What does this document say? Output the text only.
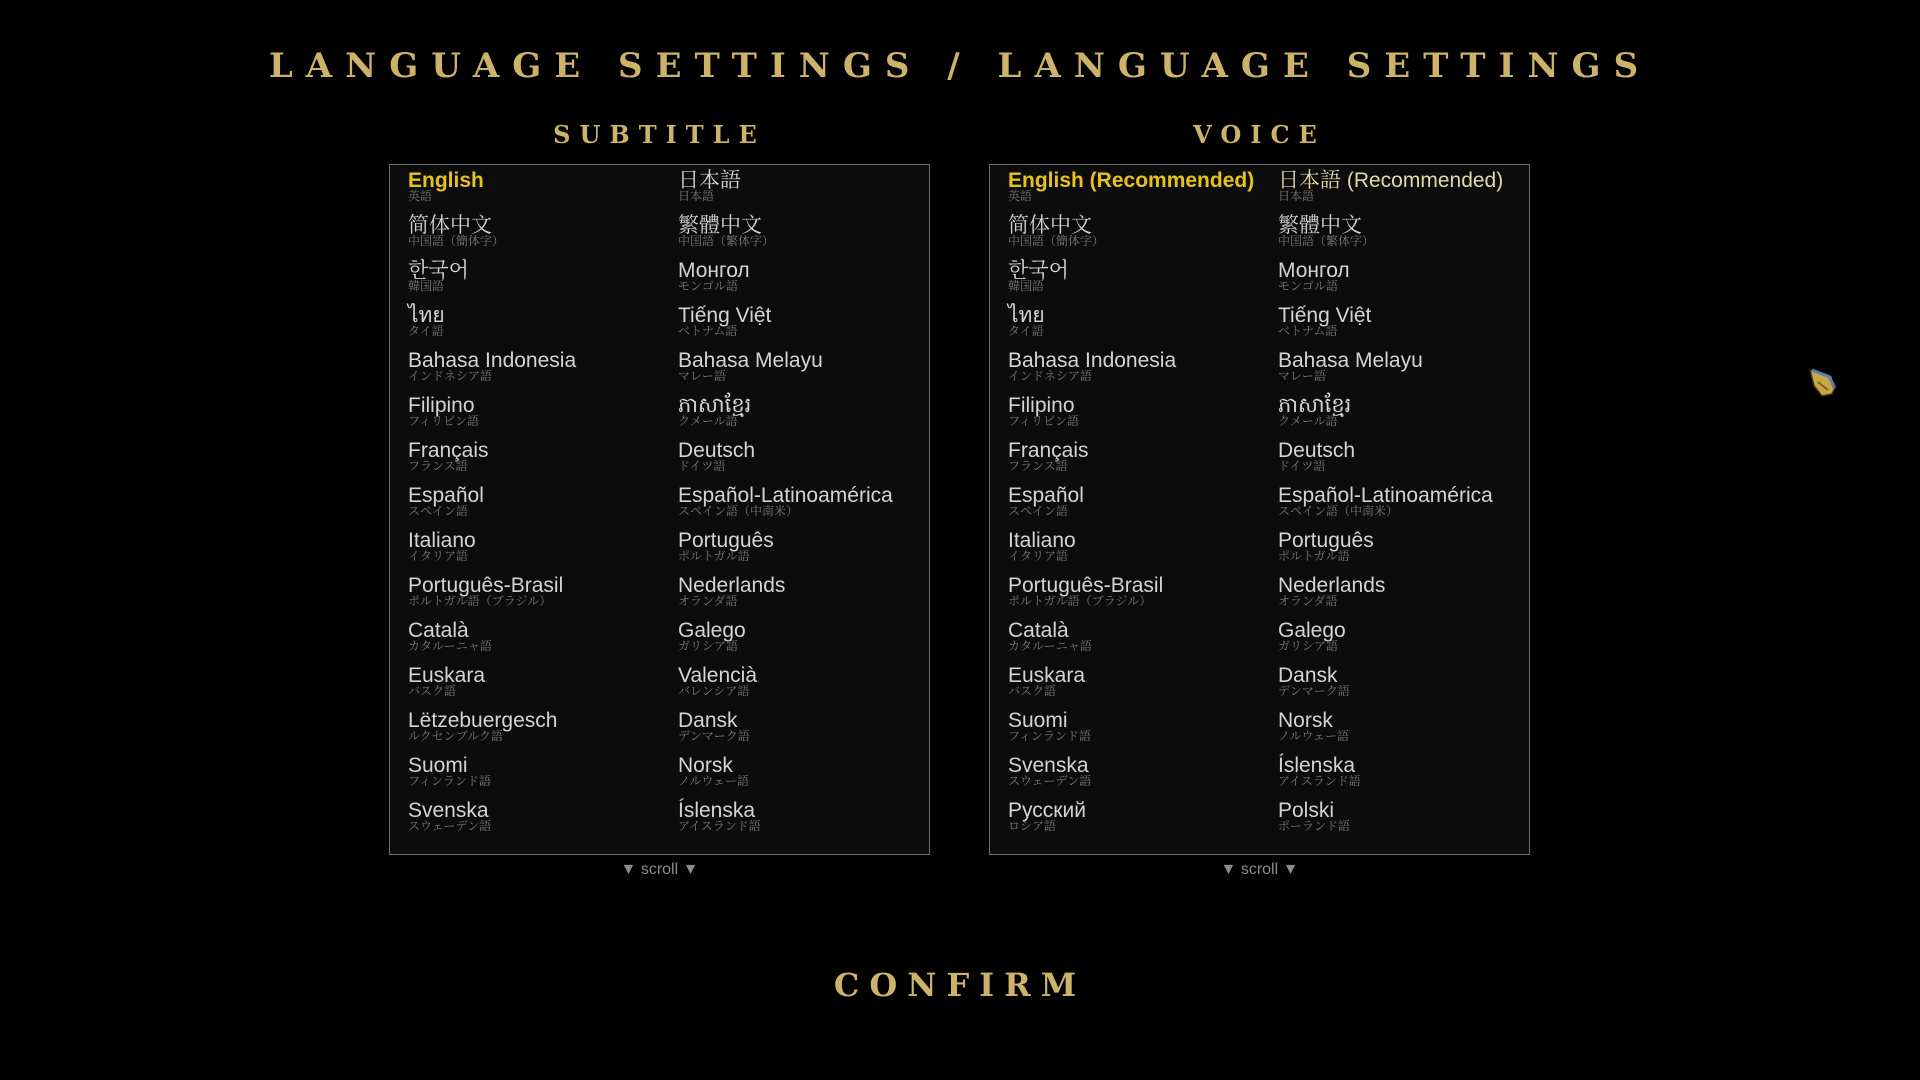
LANGUAGE SETTINGS / LANGUAGE SETTINGS
SUBTITLE
English
英語
日本語
日本語
简体中文
中国語（簡体字）
繁體中文
中国語（繁体字）
한국어
韓国語
Монгол
モンゴル語
ไทย
タイ語
Tiếng Việt
ベトナム語
Bahasa Indonesia
インドネシア語
Bahasa Melayu
マレー語
Filipino
フィリピン語
ភាសាខ្មែរ
クメール語
Français
フランス語
Deutsch
ドイツ語
Español
スペイン語
Español-Latinoamérica
スペイン語（中南米）
Italiano
イタリア語
Português
ポルトガル語
Português-Brasil
ポルトガル語（ブラジル）
Nederlands
オランダ語
Català
カタルーニャ語
Galego
ガリシア語
Euskara
バスク語
Valencià
バレンシア語
Lëtzebuergesch
ルクセンブルク語
Dansk
デンマーク語
Suomi
フィンランド語
Norsk
ノルウェー語
Svenska
スウェーデン語
Íslenska
アイスランド語
▼ scroll ▼
VOICE
English (Recommended)
英語
日本語 (Recommended)
日本語
简体中文
中国語（簡体字）
繁體中文
中国語（繁体字）
한국어
韓国語
Монгол
モンゴル語
ไทย
タイ語
Tiếng Việt
ベトナム語
Bahasa Indonesia
インドネシア語
Bahasa Melayu
マレー語
Filipino
フィリピン語
ភាសាខ្មែរ
クメール語
Français
フランス語
Deutsch
ドイツ語
Español
スペイン語
Español-Latinoamérica
スペイン語（中南米）
Italiano
イタリア語
Português
ポルトガル語
Português-Brasil
ポルトガル語（ブラジル）
Nederlands
オランダ語
Català
カタルーニャ語
Galego
ガリシア語
Euskara
バスク語
Dansk
デンマーク語
Suomi
フィンランド語
Norsk
ノルウェー語
Svenska
スウェーデン語
Íslenska
アイスランド語
Русский
ロシア語
Polski
ポーランド語
▼ scroll ▼
CONFIRM
